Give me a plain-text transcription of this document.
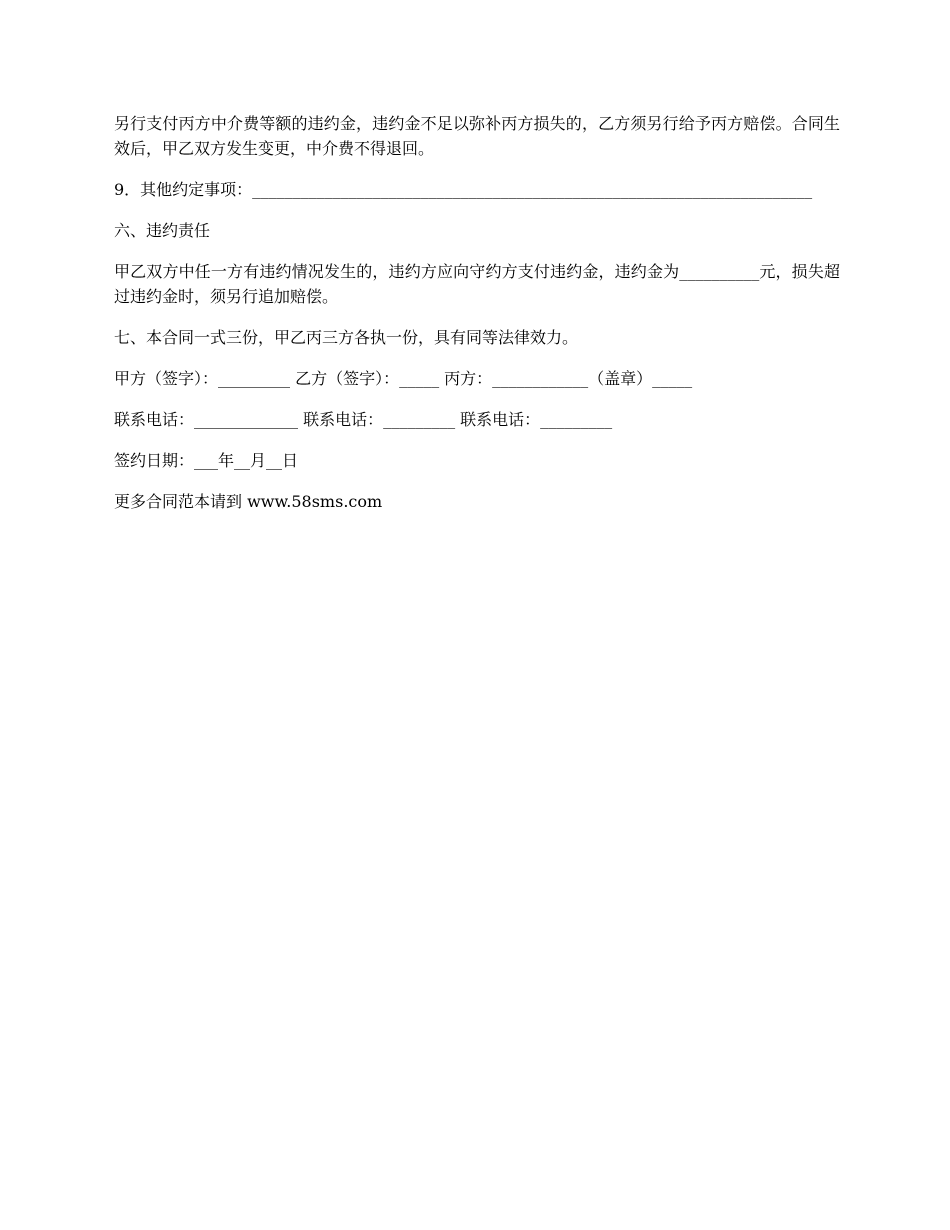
另行支付丙方中介费等额的违约金，违约金不足以弥补丙方损失的，乙方须另行给予丙方赔偿。合同生效后，甲乙双方发生变更，中介费不得退回。

9．其他约定事项：______________________________________________________________________

六、违约责任

甲乙双方中任一方有违约情况发生的，违约方应向守约方支付违约金，违约金为__________元，损失超过违约金时，须另行追加赔偿。

七、本合同一式三份，甲乙丙三方各执一份，具有同等法律效力。

甲方（签字）：_________ 乙方（签字）：_____ 丙方：____________（盖章）_____

联系电话：_____________ 联系电话：_________ 联系电话：_________

签约日期：___年__月__日

更多合同范本请到 www.58sms.com
